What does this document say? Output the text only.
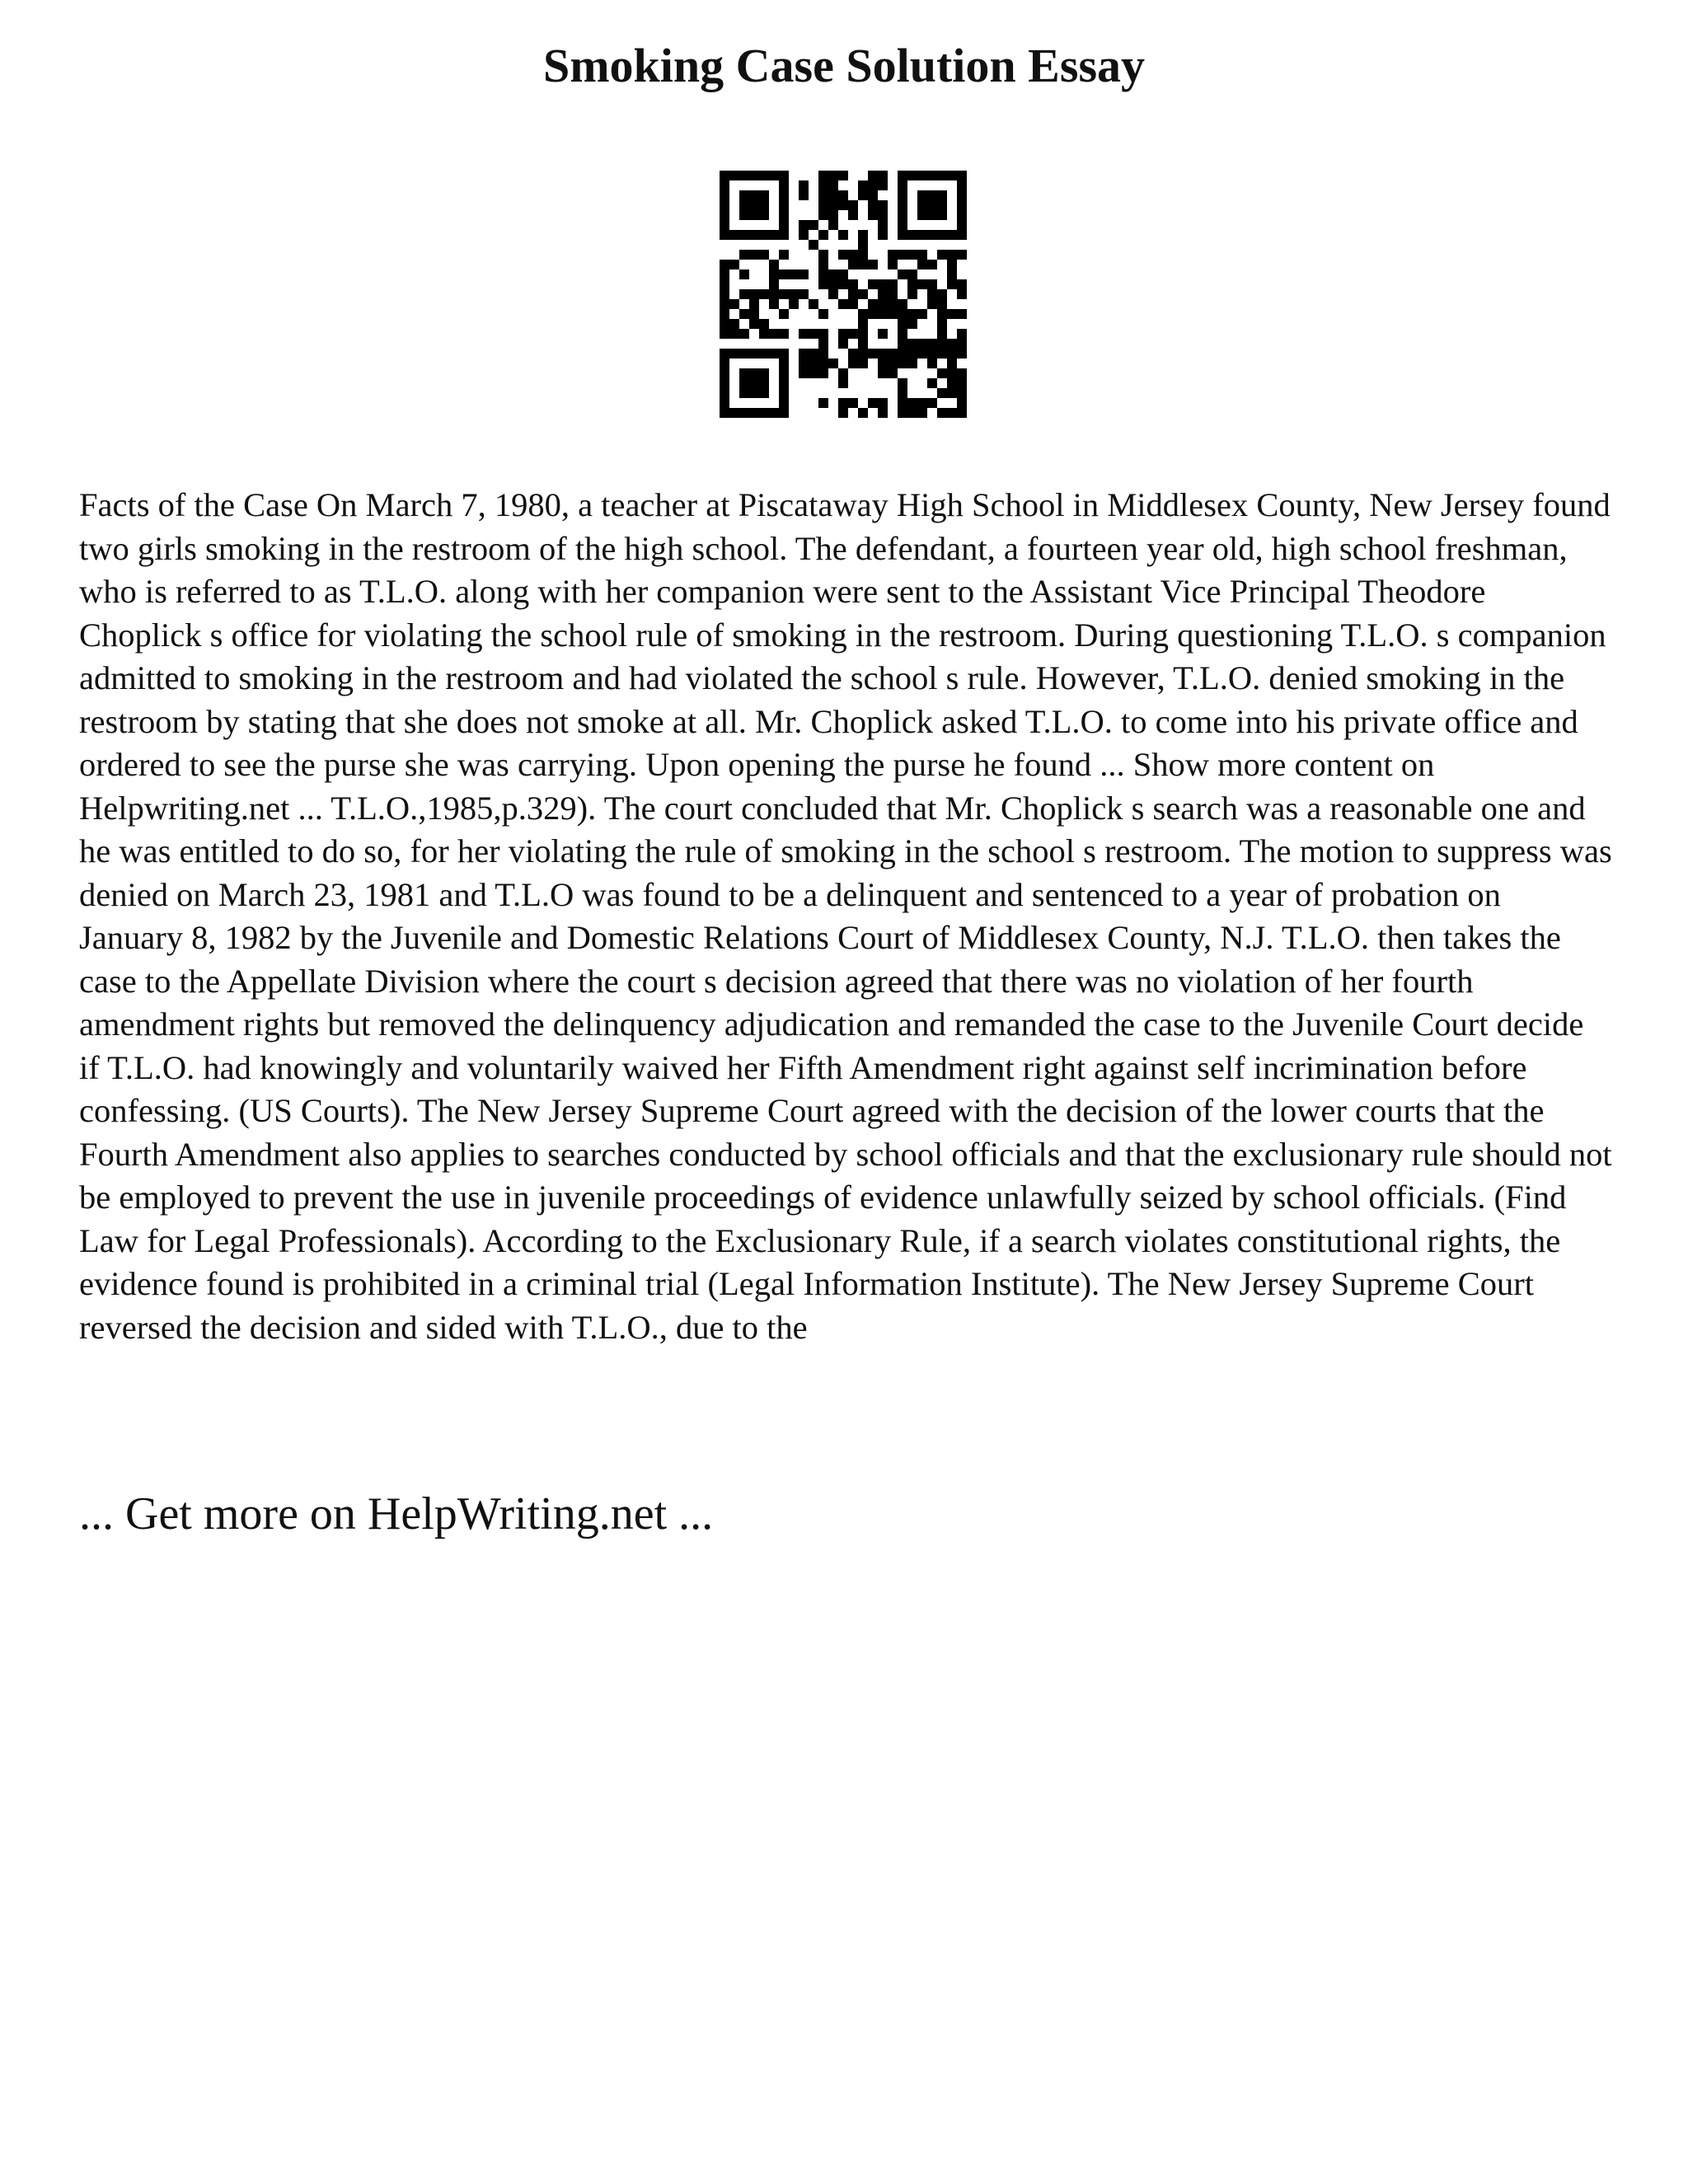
Smoking Case Solution Essay

Facts of the Case On March 7, 1980, a teacher at Piscataway High School in Middlesex County, New Jersey found two girls smoking in the restroom of the high school. The defendant, a fourteen year old, high school freshman, who is referred to as T.L.O. along with her companion were sent to the Assistant Vice Principal Theodore Choplick s office for violating the school rule of smoking in the restroom. During questioning T.L.O. s companion admitted to smoking in the restroom and had violated the school s rule. However, T.L.O. denied smoking in the restroom by stating that she does not smoke at all. Mr. Choplick asked T.L.O. to come into his private office and ordered to see the purse she was carrying. Upon opening the purse he found ... Show more content on Helpwriting.net ... T.L.O.,1985,p.329). The court concluded that Mr. Choplick s search was a reasonable one and he was entitled to do so, for her violating the rule of smoking in the school s restroom. The motion to suppress was denied on March 23, 1981 and T.L.O was found to be a delinquent and sentenced to a year of probation on January 8, 1982 by the Juvenile and Domestic Relations Court of Middlesex County, N.J. T.L.O. then takes the case to the Appellate Division where the court s decision agreed that there was no violation of her fourth amendment rights but removed the delinquency adjudication and remanded the case to the Juvenile Court decide if T.L.O. had knowingly and voluntarily waived her Fifth Amendment right against self incrimination before confessing. (US Courts). The New Jersey Supreme Court agreed with the decision of the lower courts that the Fourth Amendment also applies to searches conducted by school officials and that the exclusionary rule should not be employed to prevent the use in juvenile proceedings of evidence unlawfully seized by school officials. (Find Law for Legal Professionals). According to the Exclusionary Rule, if a search violates constitutional rights, the evidence found is prohibited in a criminal trial (Legal Information Institute). The New Jersey Supreme Court reversed the decision and sided with T.L.O., due to the

... Get more on HelpWriting.net ...
